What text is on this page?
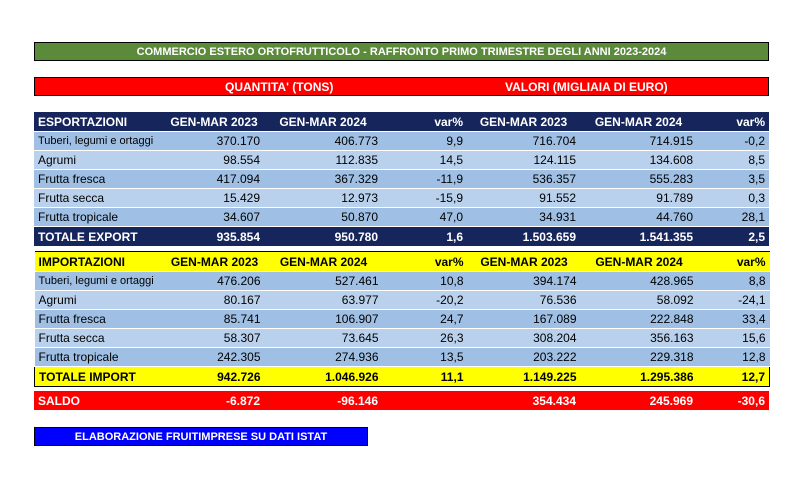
COMMERCIO ESTERO ORTOFRUTTICOLO - RAFFRONTO PRIMO TRIMESTRE DEGLI ANNI 2023-2024
QUANTITA' (TONS)	VALORI (MIGLIAIA DI EURO)
ESPORTAZIONI	GEN-MAR 2023	GEN-MAR 2024	var%	GEN-MAR 2023	GEN-MAR 2024	var%
Tuberi, legumi e ortaggi	370.170	406.773	9,9	716.704	714.915	-0,2
Agrumi	98.554	112.835	14,5	124.115	134.608	8,5
Frutta fresca	417.094	367.329	-11,9	536.357	555.283	3,5
Frutta secca	15.429	12.973	-15,9	91.552	91.789	0,3
Frutta tropicale	34.607	50.870	47,0	34.931	44.760	28,1
TOTALE EXPORT	935.854	950.780	1,6	1.503.659	1.541.355	2,5
IMPORTAZIONI	GEN-MAR 2023	GEN-MAR 2024	var%	GEN-MAR 2023	GEN-MAR 2024	var%
Tuberi, legumi e ortaggi	476.206	527.461	10,8	394.174	428.965	8,8
Agrumi	80.167	63.977	-20,2	76.536	58.092	-24,1
Frutta fresca	85.741	106.907	24,7	167.089	222.848	33,4
Frutta secca	58.307	73.645	26,3	308.204	356.163	15,6
Frutta tropicale	242.305	274.936	13,5	203.222	229.318	12,8
TOTALE IMPORT	942.726	1.046.926	11,1	1.149.225	1.295.386	12,7
SALDO	-6.872	-96.146		354.434	245.969	-30,6
ELABORAZIONE FRUITIMPRESE SU DATI ISTAT
